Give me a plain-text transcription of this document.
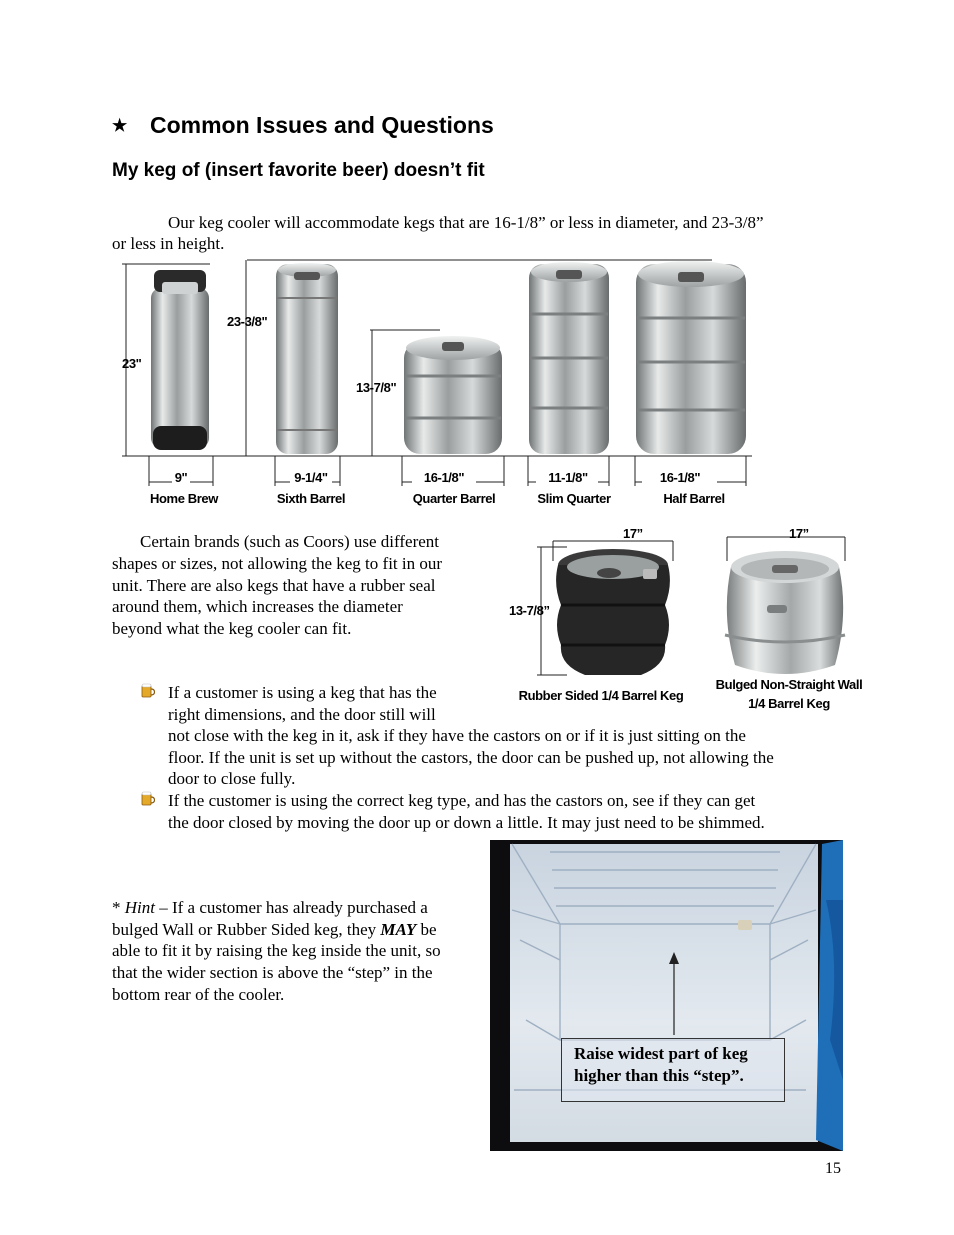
★ Common Issues and Questions
My keg of (insert favorite beer) doesn’t fit
Our keg cooler will accommodate kegs that are 16-1/8” or less in diameter, and 23-3/8”
or less in height.
23"
23-3/8"
13-7/8"
9"	9-1/4"	16-1/8"	11-1/8"	16-1/8"
Home Brew	Sixth Barrel	Quarter Barrel	Slim Quarter	Half Barrel
Certain brands (such as Coors) use different
shapes or sizes, not allowing the keg to fit in our
unit. There are also kegs that have a rubber seal
around them, which increases the diameter
beyond what the keg cooler can fit.
17”
13-7/8”
17”
Rubber Sided 1/4 Barrel Keg
Bulged Non-Straight Wall
1/4 Barrel Keg
If a customer is using a keg that has the
right dimensions, and the door still will
not close with the keg in it, ask if they have the castors on or if it is just sitting on the
floor. If the unit is set up without the castors, the door can be pushed up, not allowing the
door to close fully.
If the customer is using the correct keg type, and has the castors on, see if they can get
the door closed by moving the door up or down a little. It may just need to be shimmed.
* Hint – If a customer has already purchased a
bulged Wall or Rubber Sided keg, they MAY be
able to fit it by raising the keg inside the unit, so
that the wider section is above the “step” in the
bottom rear of the cooler.
Raise widest part of keg
higher than this “step”.
15
